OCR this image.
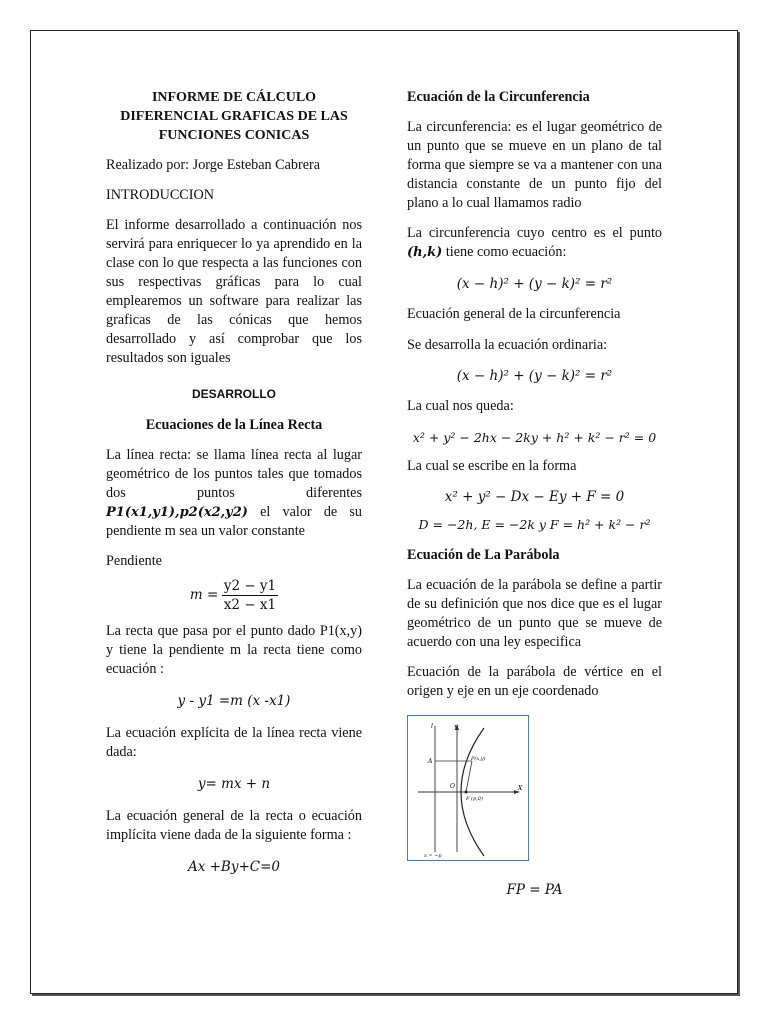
INFORME DE CÁLCULO
DIFERENCIAL GRAFICAS DE LAS
FUNCIONES CONICAS

Realizado por: Jorge Esteban Cabrera

INTRODUCCION

El informe desarrollado a continuación nos servirá para enriquecer lo ya aprendido en la clase con lo que respecta a las funciones con sus respectivas gráficas para lo cual emplearemos un software para realizar las graficas de las cónicas que hemos desarrollado y así comprobar que los resultados son iguales

DESARROLLO

Ecuaciones de la Línea Recta

La línea recta: se llama línea recta al lugar geométrico de los puntos tales que tomados dos puntos diferentes P1(x1,y1),p2(x2,y2) el valor de su pendiente m sea un valor constante

Pendiente

$m = \frac{y2 - y1}{x2 - x1}$

La recta que pasa por el punto dado P1(x,y) y tiene la pendiente m la recta tiene como ecuación :

y - y1 =m (x -x1)

La ecuación explícita de la línea recta viene dada:

y= mx + n

La ecuación general de la recta o ecuación implícita viene dada de la siguiente forma :

Ax +By+C=0

Ecuación de la Circunferencia

La circunferencia: es el lugar geométrico de un punto que se mueve en un plano de tal forma que siempre se va a mantener con una distancia constante de un punto fijo del plano a lo cual llamamos radio

La circunferencia cuyo centro es el punto (h,k) tiene como ecuación:

(x − h)² + (y − k)² = r²

Ecuación general de la circunferencia

Se desarrolla la ecuación ordinaria:

(x − h)² + (y − k)² = r²

La cual nos queda:

x² + y² − 2hx − 2ky + h² + k² − r² = 0

La cual se escribe en la forma

x² + y² − Dx − Ey + F = 0

D = −2h, E = −2k y F = h² + k² − r²

Ecuación de La Parábola

La ecuación de la parábola se define a partir de su definición que nos dice que es el lugar geométrico de un punto que se mueve de acuerdo con una ley especifica

Ecuación de la parábola de vértice en el origen y eje en un eje coordenado

l	Y
A	P(x,y)
O	X
F (p,0)
x = −p

FP = PA
